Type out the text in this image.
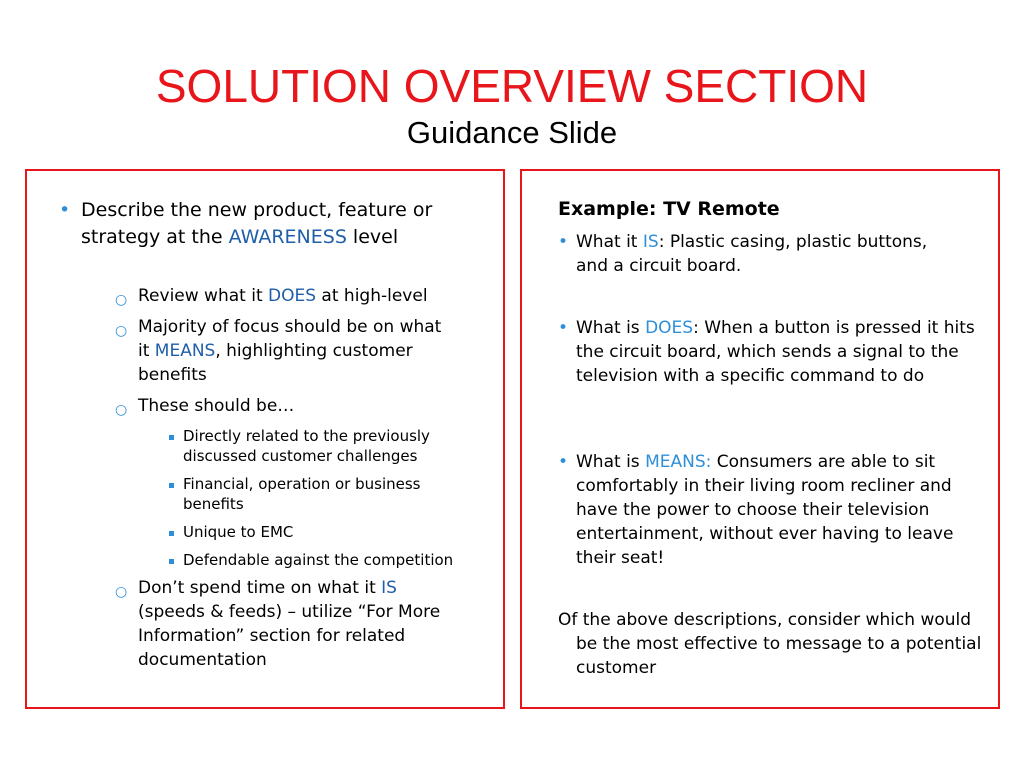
SOLUTION OVERVIEW SECTION
Guidance Slide
• Describe the new product, feature or strategy at the AWARENESS level
○ Review what it DOES at high-level
○ Majority of focus should be on what it MEANS, highlighting customer benefits
○ These should be…
Directly related to the previously discussed customer challenges
Financial, operation or business benefits
Unique to EMC
Defendable against the competition
○ Don’t spend time on what it IS (speeds & feeds) – utilize “For More Information” section for related documentation
Example: TV Remote
• What it IS: Plastic casing, plastic buttons, and a circuit board.
• What is DOES: When a button is pressed it hits the circuit board, which sends a signal to the television with a specific command to do
• What is MEANS: Consumers are able to sit comfortably in their living room recliner and have the power to choose their television entertainment, without ever having to leave their seat!
Of the above descriptions, consider which would be the most effective to message to a potential customer
